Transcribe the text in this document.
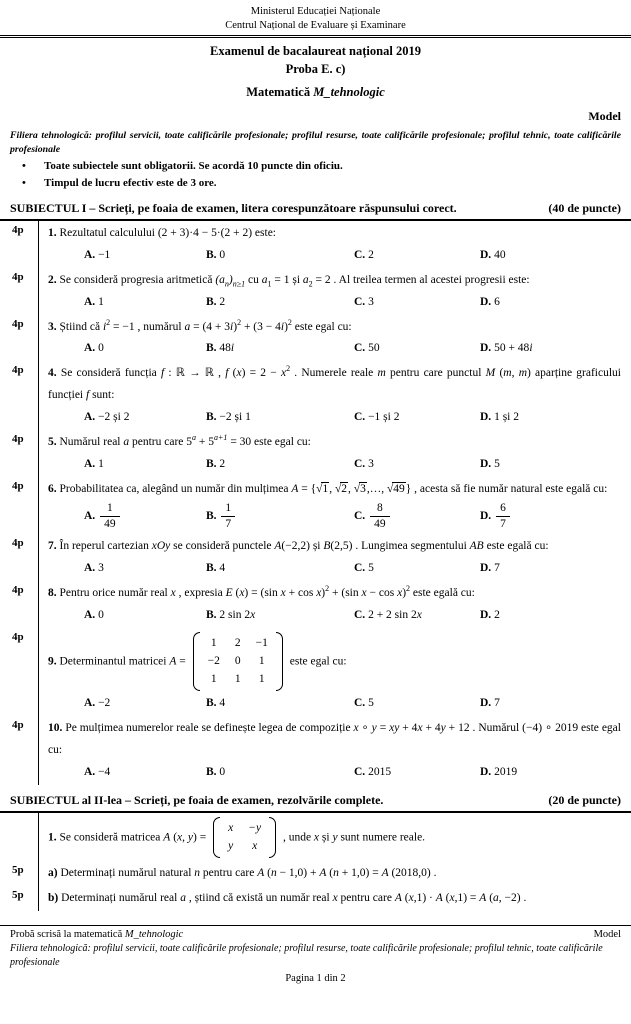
Ministerul Educației Naționale
Centrul Național de Evaluare și Examinare
Examenul de bacalaureat național 2019
Proba E. c)
Matematică M_tehnologic
Model
Filiera tehnologică: profilul servicii, toate calificările profesionale; profilul resurse, toate calificările profesionale; profilul tehnic, toate calificările profesionale
•	Toate subiectele sunt obligatorii. Se acordă 10 puncte din oficiu.
•	Timpul de lucru efectiv este de 3 ore.
SUBIECTUL I – Scrieți, pe foaia de examen, litera corespunzătoare răspunsului corect.	(40 de puncte)
4p	1. Rezultatul calculului (2 + 3)·4 − 5·(2 + 2) este:
A. −1	B. 0	C. 2	D. 40
4p	2. Se consideră progresia aritmetică $(a_n)_{n\ge 1}$ cu $a_1 = 1$ și $a_2 = 2$ . Al treilea termen al acestei progresii este:
A. 1	B. 2	C. 3	D. 6
4p	3. Știind că $i^2 = -1$ , numărul $a = (4 + 3i)^2 + (3 - 4i)^2$ este egal cu:
A. 0	B. 48i	C. 50	D. 50 + 48i
4p	4. Se consideră funcția f : ℝ → ℝ , f $(x) = 2 - x^2$ . Numerele reale m pentru care punctul M (m, m) aparține graficului funcției f sunt:
A. −2 și 2	B. −2 și 1	C. −1 și 2	D. 1 și 2
4p	5. Numărul real a pentru care $5^a + 5^{a+1} = 30$ este egal cu:
A. 1	B. 2	C. 3	D. 5
4p	6. Probabilitatea ca, alegând un număr din mulțimea A = {√1, √2, √3,…, √49} , acesta să fie număr natural este egală cu:
A. $\frac{1}{49}$	B. $\frac{1}{7}$	C. $\frac{8}{49}$	D. $\frac{6}{7}$
4p	7. În reperul cartezian xOy se consideră punctele A(−2,2) și B(2,5) . Lungimea segmentului AB este egală cu:
A. 3	B. 4	C. 5	D. 7
4p	8. Pentru orice număr real x , expresia E (x) = (sin x + cos x)$^2$ + (sin x − cos x)$^2$ este egală cu:
A. 0	B. 2 sin 2x	C. 2 + 2 sin 2x	D. 2
4p
9. Determinantul matricei A =
1 2 −1
−2 0 1
1 1 1
este egal cu:
A. −2	B. 4	C. 5	D. 7
4p	10. Pe mulțimea numerelor reale se definește legea de compoziție x ∘ y = xy + 4x + 4y + 12 . Numărul (−4) ∘ 2019 este egal cu:
A. −4	B. 0	C. 2015	D. 2019
SUBIECTUL al II-lea – Scrieți, pe foaia de examen, rezolvările complete.	(20 de puncte)
1. Se consideră matricea A (x, y) =
x −y
y x
, unde x și y sunt numere reale.
5p	a) Determinați numărul natural n pentru care A (n − 1,0) + A (n + 1,0) = A (2018,0) .
5p	b) Determinați numărul real a , știind că există un număr real x pentru care A (x,1) · A (x,1) = A (a, −2) .
Probă scrisă la matematică M_tehnologic	Model
Filiera tehnologică: profilul servicii, toate calificările profesionale; profilul resurse, toate calificările profesionale; profilul tehnic, toate calificările profesionale
Pagina 1 din 2
